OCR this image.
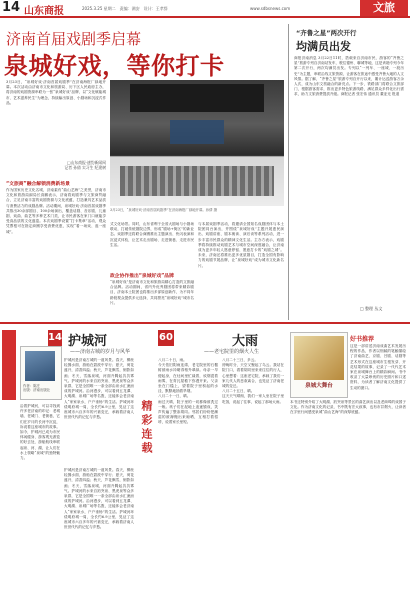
14 山东商报	2025.3.25 星期二　责编：满安　设计：王孝辞	www.sdbsnews.com	文旅
济南首届戏剧季启幕
泉城好戏，等你打卡
3月23日，“泉城好戏·济南首届戏剧季”在济南海报厂绿地开幕。本次活动由济南市文化和旅游局、历下区人民政府主办，将济南的戏剧资源串联为一张“泉城好戏”品牌，以“文化赋能城市、艺术滋养民生”为理念，持续输出原创、小剧场和沉浸式作品。
□山东商报·速豹新闻网
记者 孙倩 实习生 纪建树
“文旅商”融合解锁消费新场景
作为国家历史文化名城，济南素有“曲山艺海”之美誉，济南市文化和旅游局副局长高鹏表示，济南将戏剧季与文旅商贸融合，立足济南丰富的戏剧资源与文化底蕴，打造兼具艺术品质与消费活力的戏剧品牌。活动期间，泉城好戏·济南首届戏剧季共推出30余部剧目、100余场演出，覆盖话剧、音乐剧、儿童剧、戏曲、曲艺等多种艺术门类，让市民游客在家门口就能享受高品质的文化盛宴。本次戏剧季设置“打卡集章”活动，观众凭票根可在指定商圈享受消费优惠，实现“看一场戏、逛一座城”。
3月23日，“泉城好戏·济南首届戏剧季”在济南海报厂绿地开幕。孙倩 摄
式文化场景。同时，山东省利于全省大剧场与小剧场联动，打破传统剧院边界，形成“剧场+街区”的新业态。戏剧季还将联合商圈推出主题演出、快闪表演和沉浸式体验，让艺术走出剧场、走进街巷、走进市民生活。
政企协作推出“泉城好戏”品牌
“泉城好戏”是济南市文化和旅游局精心打造的文旅融合品牌。活动期间，省内外优秀剧团将带来精彩剧目，济南本土院团也将推出多部原创新作，为不同年龄段观众提供多元选择，共同擦亮“泉城好戏”城市名片。
与本届戏剧季活动，将邀请全国知名戏剧团体与本土院团同台演出，并围绕“泉城好戏”主题开展惠民演出、戏剧讲座、剧本朗读、演后谈等系列活动，进一步丰富市民群众的精神文化生活。主办方表示，戏剧季将持续推动戏剧艺术与城市空间深度融合，让济南成为更多年轻人愿意停留、愿意打卡的“戏剧之城”。未来，济南还将推出更多优质剧目，打造全国有影响力的戏剧节展品牌，让“泉城好戏”成为城市文化新名片。
“齐鲁之星”两次开行
均满员出发
商报济南消息 3月22日11时，搭载来自济南市民、游客的“齐鲁之星”旅游专列自济南站发车，驶往德州、聊城等地，这是该趟专列今年第二次开行，两次均满员出发。专列以“一列车、一座城、一段历史”为主题，串联沿线文旅资源，让游客在旅途中感受齐鲁大地的人文风情。据了解，“齐鲁之星”旅游专列自开行以来，累计运送游客万余人次，成为山东文旅融合的新亮点。下一步，铁路部门将联合文旅部门，根据游客需求，推出更多特色旅游线路，满足群众多样化出行需求，助力文旅消费提质升级。商报记者 张宏伟 通讯员 董亚光 报道
□ 整理 丛文
14 护城河
——济南古城的岁月与风华
作者：陈庄
出版：济南出版社
护城河是济南古城的一道风景。春天，柳丝轻拂水面，游船在碧波中穿行；夏天，荷花盛开，清香四溢；秋天，芦花飘雪，倒影如画；冬天，雪落泉城，河面升腾起袅袅雾气。护城河的水来自趵突泉、黑虎泉等众多泉群，它是全国唯一一条全部由泉水汇流而成的护城河。沿河漫步，可以看到五龙潭、大明湖、泉城广场等名胜，还能体会老济南人“家家泉水，户户垂杨”的生活。护城河环绕明府城一周，全长约6.9公里，见证了这座城市六百多年的兴衰变迁，承载着济南人世世代代的记忆与乡愁。
沿着护城河，可以寻找到许多老济南的印记：老城墙、老城门、老街巷，它们在岁月的长河中沉淀，诉说着这座城市的故事。如今，护城河已成为市民休闲健身、游客观光游览的好去处，游船航线串联起泉、河、湖，让人们在水上领略“泉城”的独特魅力。
护城河是济南古城的一道风景。春天，柳丝轻拂水面，游船在碧波中穿行；夏天，荷花盛开，清香四溢；秋天，芦花飘雪，倒影如画；冬天，雪落泉城，河面升腾起袅袅雾气。护城河的水来自趵突泉、黑虎泉等众多泉群，它是全国唯一一条全部由泉水汇流而成的护城河。沿河漫步，可以看到五龙潭、大明湖、泉城广场等名胜，还能体会老济南人“家家泉水，户户垂杨”的生活。护城河环绕明府城一周，全长约6.9公里，见证了这座城市六百多年的兴衰变迁，承载着济南人世世代代的记忆与乡愁。
精彩连载
60	大雨
——老宅院里的烟火人生
八月二十日，雨。
今天依旧阴雨连绵，老宅院里的石榴树被雨水冲刷得格外翠绿。母亲一早便起身，在灶间里忙碌着，炊烟混着雨雾，在青瓦屋檐下弥漫开来。父亲坐在门槛上，望着院子里积起的水洼，默默地抽着旱烟。
八月二十一日，晴。
雨过天晴，院子里的一切都像被洗过一般。孩子们在泥地上追逐嬉戏，笑声传遍了整条胡同。邻居们纷纷把潮湿的被褥搬出来晾晒，互相打着招呼，说着家长里短。
八月二十三日，多云。
傍晚时分，天空又聚起了乌云。我站在院门口，看着胡同里来来往往的行人，心里想着：这座老宅院，承载了我们一家几代人的悲欢离合，也见证了济南老城的变迁。
八月二十五日，晴。
这天天气晴朗，我们一家人坐在院子里吃饭，说起了往事，说起了那场大雨。
泉城大舞台
好书推荐
这是一部讲述济南戏曲艺术发展历程的作品，作者以细腻的笔触描绘了济南曲艺、京剧、吕剧、话剧等艺术形式在这座城市生根发芽、开花结果的故事，记录了一代代艺术家在泉城舞台上的精彩瞬间。书中收录了大量珍贵的历史照片和口述资料，为读者了解济南文化提供了生动的窗口。
本书还特别介绍了大明湖、趵突泉等景区的曲艺演出以及老商埠的戏园子文化。作为济南文化的记录，书中既有宏大叙事，也有市井烟火，让读者在字里行间感受泉城“曲山艺海”的深厚底蕴。
